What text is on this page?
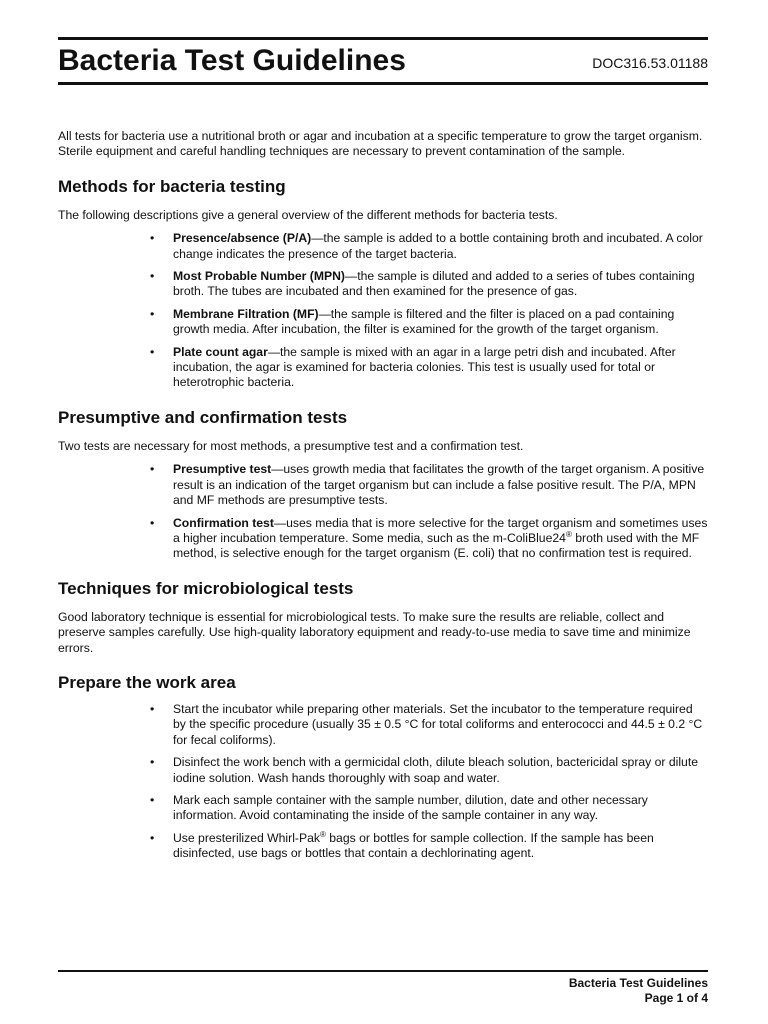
Bacteria Test Guidelines	DOC316.53.01188

All tests for bacteria use a nutritional broth or agar and incubation at a specific temperature to grow the target organism. Sterile equipment and careful handling techniques are necessary to prevent contamination of the sample.

Methods for bacteria testing

The following descriptions give a general overview of the different methods for bacteria tests.

• Presence/absence (P/A)—the sample is added to a bottle containing broth and incubated. A color change indicates the presence of the target bacteria.
• Most Probable Number (MPN)—the sample is diluted and added to a series of tubes containing broth. The tubes are incubated and then examined for the presence of gas.
• Membrane Filtration (MF)—the sample is filtered and the filter is placed on a pad containing growth media. After incubation, the filter is examined for the growth of the target organism.
• Plate count agar—the sample is mixed with an agar in a large petri dish and incubated. After incubation, the agar is examined for bacteria colonies. This test is usually used for total or heterotrophic bacteria.
Presumptive and confirmation tests

Two tests are necessary for most methods, a presumptive test and a confirmation test.

• Presumptive test—uses growth media that facilitates the growth of the target organism. A positive result is an indication of the target organism but can include a false positive result. The P/A, MPN and MF methods are presumptive tests.
• Confirmation test—uses media that is more selective for the target organism and sometimes uses a higher incubation temperature. Some media, such as the m-ColiBlue24® broth used with the MF method, is selective enough for the target organism (E. coli) that no confirmation test is required.
Techniques for microbiological tests

Good laboratory technique is essential for microbiological tests. To make sure the results are reliable, collect and preserve samples carefully. Use high-quality laboratory equipment and ready-to-use media to save time and minimize errors.

Prepare the work area
• Start the incubator while preparing other materials. Set the incubator to the temperature required by the specific procedure (usually 35 ± 0.5 °C for total coliforms and enterococci and 44.5 ± 0.2 °C for fecal coliforms).
• Disinfect the work bench with a germicidal cloth, dilute bleach solution, bactericidal spray or dilute iodine solution. Wash hands thoroughly with soap and water.
• Mark each sample container with the sample number, dilution, date and other necessary information. Avoid contaminating the inside of the sample container in any way.
• Use presterilized Whirl-Pak® bags or bottles for sample collection. If the sample has been disinfected, use bags or bottles that contain a dechlorinating agent.
Bacteria Test Guidelines
Page 1 of 4
